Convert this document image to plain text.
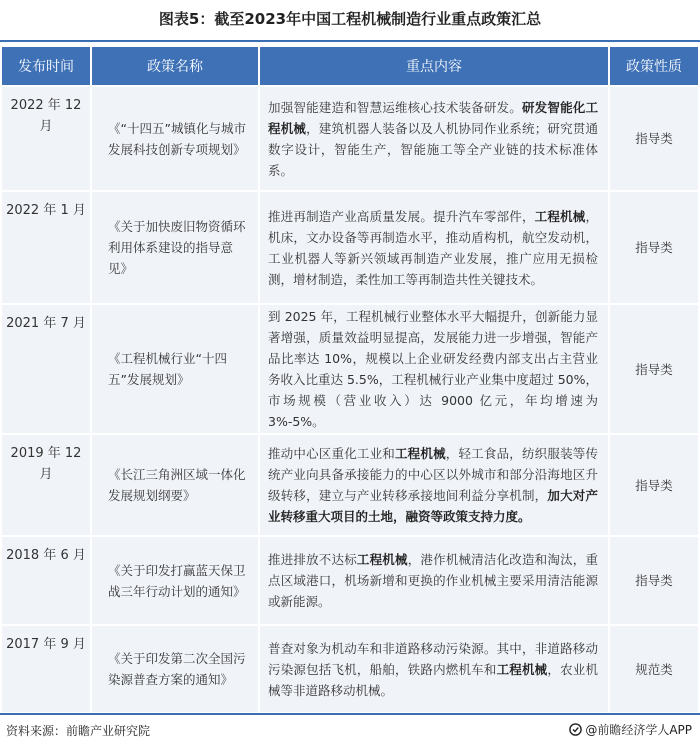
图表5：截至2023年中国工程机械制造行业重点政策汇总
发布时间	政策名称	重点内容	政策性质
2022 年 12 月	《“十四五”城镇化与城市发展科技创新专项规划》	加强智能建造和智慧运维核心技术装备研发。研发智能化工程机械，建筑机器人装备以及人机协同作业系统；研究贯通数字设计，智能生产，智能施工等全产业链的技术标准体系。	指导类
2022 年 1 月	《关于加快废旧物资循环利用体系建设的指导意见》	推进再制造产业高质量发展。提升汽车零部件，工程机械，机床，文办设备等再制造水平，推动盾构机，航空发动机，工业机器人等新兴领域再制造产业发展，推广应用无损检测，增材制造，柔性加工等再制造共性关键技术。	指导类
2021 年 7 月	《工程机械行业“十四五”发展规划》	到 2025 年，工程机械行业整体水平大幅提升，创新能力显著增强，质量效益明显提高，发展能力进一步增强，智能产品比率达 10%，规模以上企业研发经费内部支出占主营业务收入比重达 5.5%，工程机械行业产业集中度超过 50%，市场规模（营业收入）达 9000 亿元，年均增速为 3%-5%。	指导类
2019 年 12 月	《长江三角洲区域一体化发展规划纲要》	推动中心区重化工业和工程机械，轻工食品，纺织服装等传统产业向具备承接能力的中心区以外城市和部分沿海地区升级转移，建立与产业转移承接地间利益分享机制，加大对产业转移重大项目的土地，融资等政策支持力度。	指导类
2018 年 6 月	《关于印发打赢蓝天保卫战三年行动计划的通知》	推进排放不达标工程机械，港作机械清洁化改造和淘汰，重点区域港口，机场新增和更换的作业机械主要采用清洁能源或新能源。	指导类
2017 年 9 月	《关于印发第二次全国污染源普查方案的通知》	普查对象为机动车和非道路移动污染源。其中，非道路移动污染源包括飞机，船舶，铁路内燃机车和工程机械，农业机械等非道路移动机械。	规范类
资料来源：前瞻产业研究院	@前瞻经济学人APP
